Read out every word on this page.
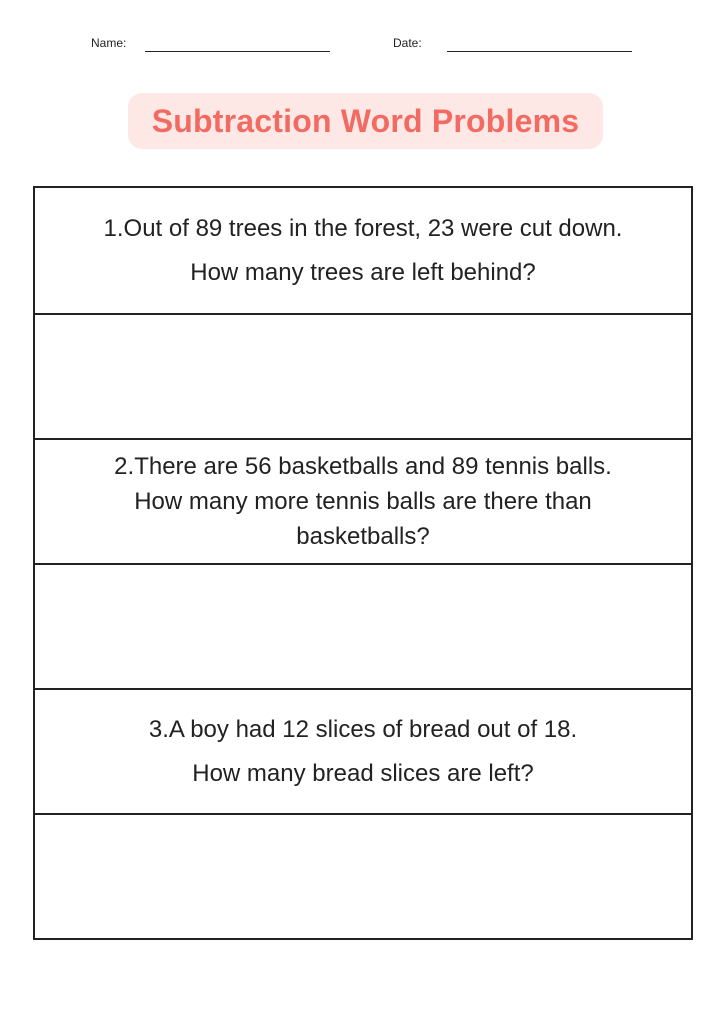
Name:	Date:
Subtraction Word Problems
1.Out of 89 trees in the forest, 23 were cut down.
How many trees are left behind?
2.There are 56 basketballs and 89 tennis balls.
How many more tennis balls are there than
basketballs?
3.A boy had 12 slices of bread out of 18.
How many bread slices are left?
